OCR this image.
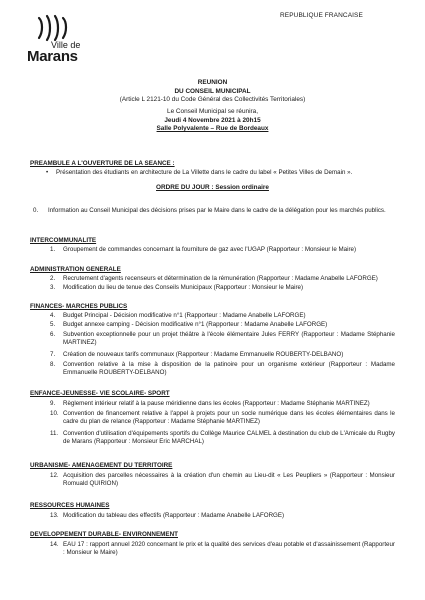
REPUBLIQUE FRANCAISE
Ville de
Marans
REUNION
DU CONSEIL MUNICIPAL
(Article L 2121-10 du Code Général des Collectivités Territoriales)
Le Conseil Municipal se réunira,
Jeudi 4 Novembre 2021 à 20h15
Salle Polyvalente – Rue de Bordeaux
PREAMBULE A L'OUVERTURE DE LA SEANCE :
• Présentation des étudiants en architecture de La Villette dans le cadre du label « Petites Villes de Demain ».
ORDRE DU JOUR : Session ordinaire
0. Information au Conseil Municipal des décisions prises par le Maire dans le cadre de la délégation pour les marchés publics.
INTERCOMMUNALITE
1. Groupement de commandes concernant la fourniture de gaz avec l'UGAP (Rapporteur : Monsieur le Maire)
ADMINISTRATION GENERALE
2. Recrutement d'agents recenseurs et détermination de la rémunération (Rapporteur : Madame Anabelle LAFORGE)
3. Modification du lieu de tenue des Conseils Municipaux (Rapporteur : Monsieur le Maire)
FINANCES- MARCHES PUBLICS
4. Budget Principal - Décision modificative n°1 (Rapporteur : Madame Anabelle LAFORGE)
5. Budget annexe camping - Décision modificative n°1 (Rapporteur : Madame Anabelle LAFORGE)
6. Subvention exceptionnelle pour un projet théâtre à l'école élémentaire Jules FERRY (Rapporteur : Madame Stéphanie MARTINEZ)
7. Création de nouveaux tarifs communaux (Rapporteur : Madame Emmanuelle ROUBERTY-DELBANO)
8. Convention relative à la mise à disposition de la patinoire pour un organisme extérieur (Rapporteur : Madame Emmanuelle ROUBERTY-DELBANO)
ENFANCE-JEUNESSE- VIE SCOLAIRE- SPORT
9. Règlement intérieur relatif à la pause méridienne dans les écoles (Rapporteur : Madame Stéphanie MARTINEZ)
10. Convention de financement relative à l'appel à projets pour un socle numérique dans les écoles élémentaires dans le cadre du plan de relance (Rapporteur : Madame Stéphanie MARTINEZ)
11. Convention d'utilisation d'équipements sportifs du Collège Maurice CALMEL à destination du club de L'Amicale du Rugby de Marans (Rapporteur : Monsieur Eric MARCHAL)
URBANISME- AMENAGEMENT DU TERRITOIRE
12. Acquisition des parcelles nécessaires à la création d'un chemin au Lieu-dit « Les Peupliers » (Rapporteur : Monsieur Romuald QUIRION)
RESSOURCES HUMAINES
13. Modification du tableau des effectifs (Rapporteur : Madame Anabelle LAFORGE)
DEVELOPPEMENT DURABLE- ENVIRONNEMENT
14. EAU 17 : rapport annuel 2020 concernant le prix et la qualité des services d'eau potable et d'assainissement (Rapporteur : Monsieur le Maire)
